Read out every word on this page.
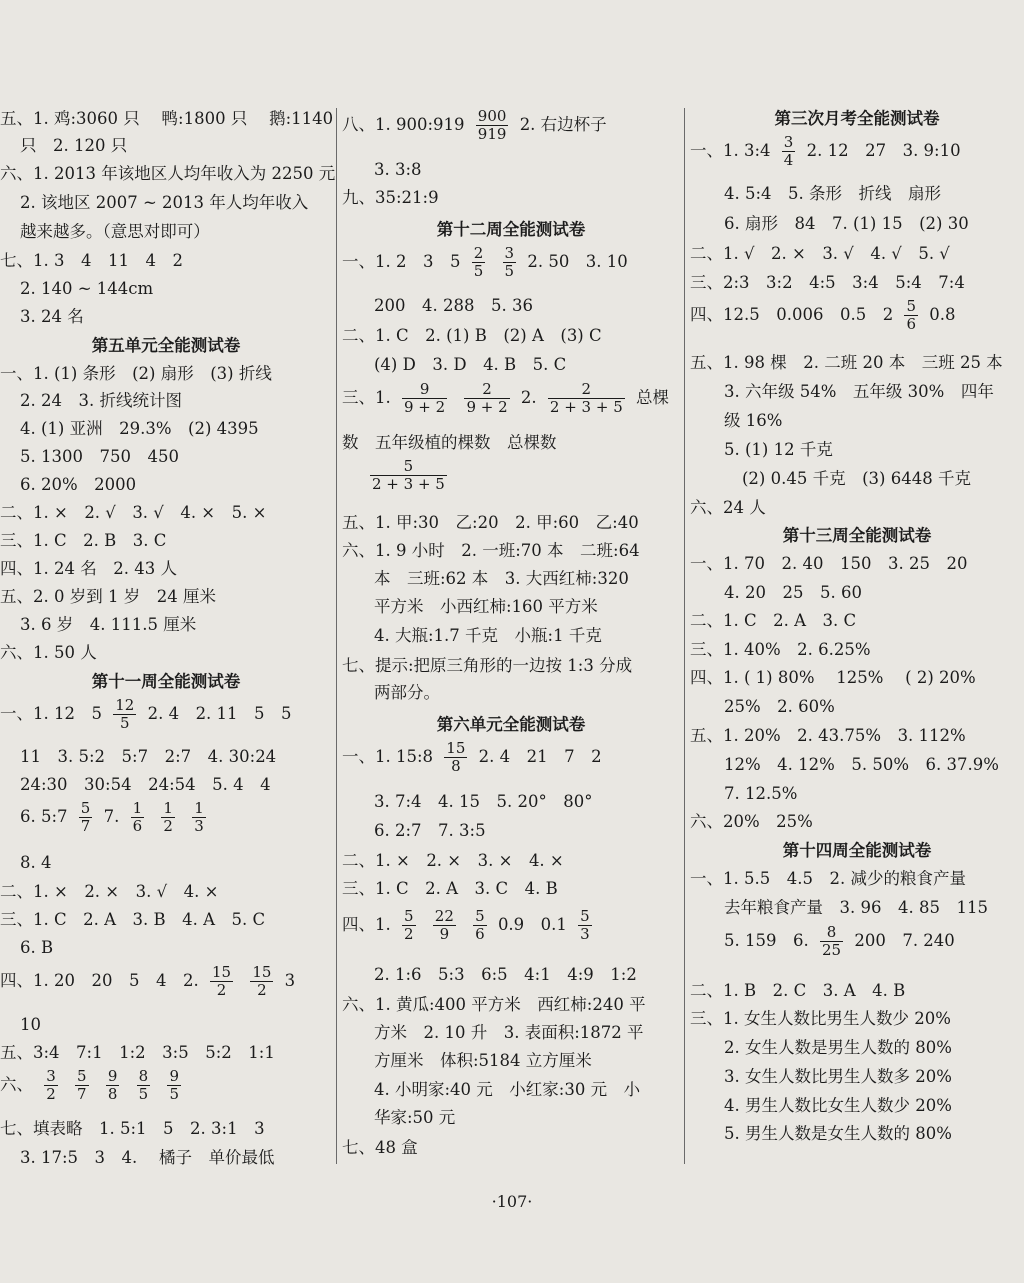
五、1. 鸡:3060 只　 鸭:1800 只　 鹅:1140
只　2. 120 只
六、1. 2013 年该地区人均年收入为 2250 元
2. 该地区 2007 ~ 2013 年人均年收入
越来越多。（意思对即可）
七、1. 3　4　11　4　2
2. 140 ~ 144cm
3. 24 名
第五单元全能测试卷
一、1. (1) 条形　(2) 扇形　(3) 折线
2. 24　3. 折线统计图
4. (1) 亚洲　29.3%　(2) 4395
5. 1300　750　450
6. 20%　2000
二、1. ×　2. √　3. √　4. ×　5. ×
三、1. C　2. B　3. C
四、1. 24 名　2. 43 人
五、2. 0 岁到 1 岁　24 厘米
3. 6 岁　4. 111.5 厘米
六、1. 50 人
第十一周全能测试卷
一、1. 12　$5 \frac{12}{5} 2$. 4　2. 11　5　5
11　3. 5:2　5:7　2:7　4. 30:24
24:30　30:54　24:54　5. 4　4
6. 5:7 $\frac{5}{7} 7$. $\frac{1}{6}$
$\frac{1}{2}$
$\frac{1}{3}$
8. 4
二、1. ×　2. ×　3. √　4. ×
三、1. C　2. A　3. B　4. A　5. C
6. B
四、1. 20　20　5　4　2. $\frac{15}{2}$
$\frac{15}{2} 3$
10
五、3:4　7:1　1:2　3:5　5:2　1:1
六、 $\frac{3}{2}$
$\frac{5}{7}$
$\frac{9}{8}$
$\frac{8}{5}$
$\frac{9}{5}$
七、填表略　1. 5:1　5　2. 3:1　3
3. 17:5　3　4.　 橘子　单价最低
八、1. 900:919 $\frac{900}{919} 2$. 右边杯子
3. 3:8
九、35:21:9
第十二周全能测试卷
一、1. 2　3　$5 \frac{2}{5}$
$\frac{3}{5} 2$. 50　3. 10
200　4. 288　5. 36
二、1. C　2. (1) B　(2) A　(3) C
(4) D　3. D　4. B　5. C
三、1. $\frac{9}{9 + 2}$
$\frac{2}{9 + 2} 2$. $\frac{2}{2 + 3 + 5}$ 总棵
数　五年级植的棵数　总棵数
$\frac{5}{2 + 3 + 5}$
五、1. 甲:30　乙:20　2. 甲:60　乙:40
六、1. 9 小时　2. 一班:70 本　二班:64
本　三班:62 本　3. 大西红柿:320
平方米　小西红柿:160 平方米
4. 大瓶:1.7 千克　小瓶:1 千克
七、提示:把原三角形的一边按 1:3 分成
两部分。
第六单元全能测试卷
一、1. 15:8 $\frac{15}{8} 2$. 4　21　7　2
3. 7:4　4. 15　5. 20°　80°
6. 2:7　7. 3:5
二、1. ×　2. ×　3. ×　4. ×
三、1. C　2. A　3. C　4. B
四、1. $\frac{5}{2}$
$\frac{22}{9}$
$\frac{5}{6} 0.9$　$0.1 \frac{5}{3}$
2. 1:6　5:3　6:5　4:1　4:9　1:2
六、1. 黄瓜:400 平方米　西红柿:240 平
方米　2. 10 升　3. 表面积:1872 平
方厘米　体积:5184 立方厘米
4. 小明家:40 元　小红家:30 元　小
华家:50 元
七、48 盒
第三次月考全能测试卷
一、1. 3:4 $\frac{3}{4} 2$. 12　27　3. 9:10
4. 5:4　5. 条形　折线　扇形
6. 扇形　84　7. (1) 15　(2) 30
二、1. √　2. ×　3. √　4. √　5. √
三、2:3　3:2　4:5　3:4　5:4　7:4
四、12.5　0.006　0.5　$2 \frac{5}{6} 0.8$
五、1. 98 棵　2. 二班 20 本　三班 25 本
3. 六年级 54%　五年级 30%　四年
级 16%
5. (1) 12 千克
(2) 0.45 千克　(3) 6448 千克
六、24 人
第十三周全能测试卷
一、1. 70　2. 40　150　3. 25　20
4. 20　25　5. 60
二、1. C　2. A　3. C
三、1. 40%　2. 6.25%
四、1. ( 1) 80%　 125%　 ( 2) 20%
25%　2. 60%
五、1. 20%　2. 43.75%　3. 112%
12%　4. 12%　5. 50%　6. 37.9%
7. 12.5%
六、20%　25%
第十四周全能测试卷
一、1. 5.5　4.5　2. 减少的粮食产量
去年粮食产量　3. 96　4. 85　115
5. 159　6. $\frac{8}{25} 200$　7. 240
二、1. B　2. C　3. A　4. B
三、1. 女生人数比男生人数少 20%
2. 女生人数是男生人数的 80%
3. 女生人数比男生人数多 20%
4. 男生人数比女生人数少 20%
5. 男生人数是女生人数的 80%
·107·
